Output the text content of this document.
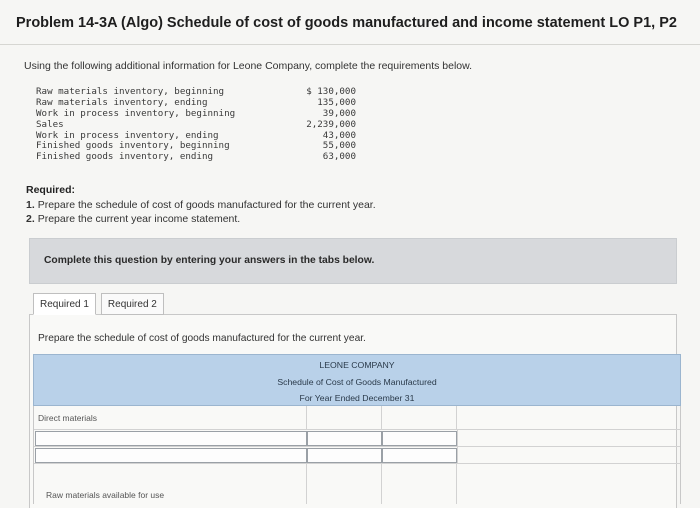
Problem 14-3A (Algo) Schedule of cost of goods manufactured and income statement LO P1, P2
Using the following additional information for Leone Company, complete the requirements below.
Raw materials inventory, beginning	$ 130,000
Raw materials inventory, ending	135,000
Work in process inventory, beginning	39,000
Sales	2,239,000
Work in process inventory, ending	43,000
Finished goods inventory, beginning	55,000
Finished goods inventory, ending	63,000
Required:
1. Prepare the schedule of cost of goods manufactured for the current year.
2. Prepare the current year income statement.
Complete this question by entering your answers in the tabs below.
Required 1	Required 2
Prepare the schedule of cost of goods manufactured for the current year.
LEONE COMPANY
Schedule of Cost of Goods Manufactured
For Year Ended December 31
Direct materials
Raw materials available for use
